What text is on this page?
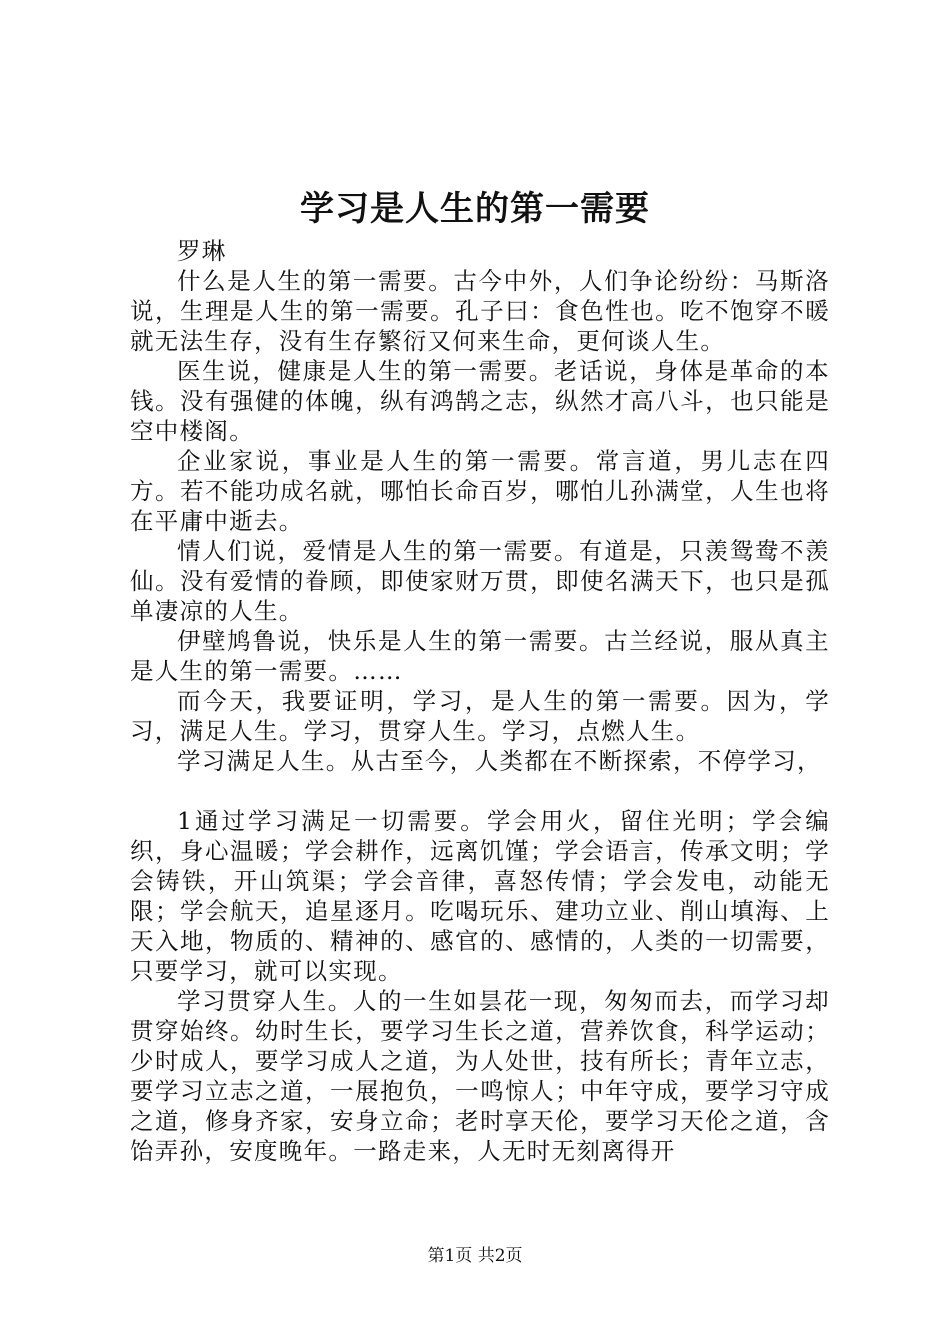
学习是人生的第一需要

罗琳

什么是人生的第一需要。古今中外，人们争论纷纷：马斯洛说，生理是人生的第一需要。孔子曰：食色性也。吃不饱穿不暖就无法生存，没有生存繁衍又何来生命，更何谈人生。

医生说，健康是人生的第一需要。老话说，身体是革命的本钱。没有强健的体魄，纵有鸿鹄之志，纵然才高八斗，也只能是空中楼阁。

企业家说，事业是人生的第一需要。常言道，男儿志在四方。若不能功成名就，哪怕长命百岁，哪怕儿孙满堂，人生也将在平庸中逝去。

情人们说，爱情是人生的第一需要。有道是，只羡鸳鸯不羡仙。没有爱情的眷顾，即使家财万贯，即使名满天下，也只是孤单凄凉的人生。

伊壁鸠鲁说，快乐是人生的第一需要。古兰经说，服从真主是人生的第一需要。……

而今天，我要证明，学习，是人生的第一需要。因为，学习，满足人生。学习，贯穿人生。学习，点燃人生。

学习满足人生。从古至今，人类都在不断探索，不停学习，

1通过学习满足一切需要。学会用火，留住光明；学会编织，身心温暖；学会耕作，远离饥馑；学会语言，传承文明；学会铸铁，开山筑渠；学会音律，喜怒传情；学会发电，动能无限；学会航天，追星逐月。吃喝玩乐、建功立业、削山填海、上天入地，物质的、精神的、感官的、感情的，人类的一切需要，只要学习，就可以实现。

学习贯穿人生。人的一生如昙花一现，匆匆而去，而学习却贯穿始终。幼时生长，要学习生长之道，营养饮食，科学运动；少时成人，要学习成人之道，为人处世，技有所长；青年立志，要学习立志之道，一展抱负，一鸣惊人；中年守成，要学习守成之道，修身齐家，安身立命；老时享天伦，要学习天伦之道，含饴弄孙，安度晚年。一路走来，人无时无刻离得开

第1页 共2页
